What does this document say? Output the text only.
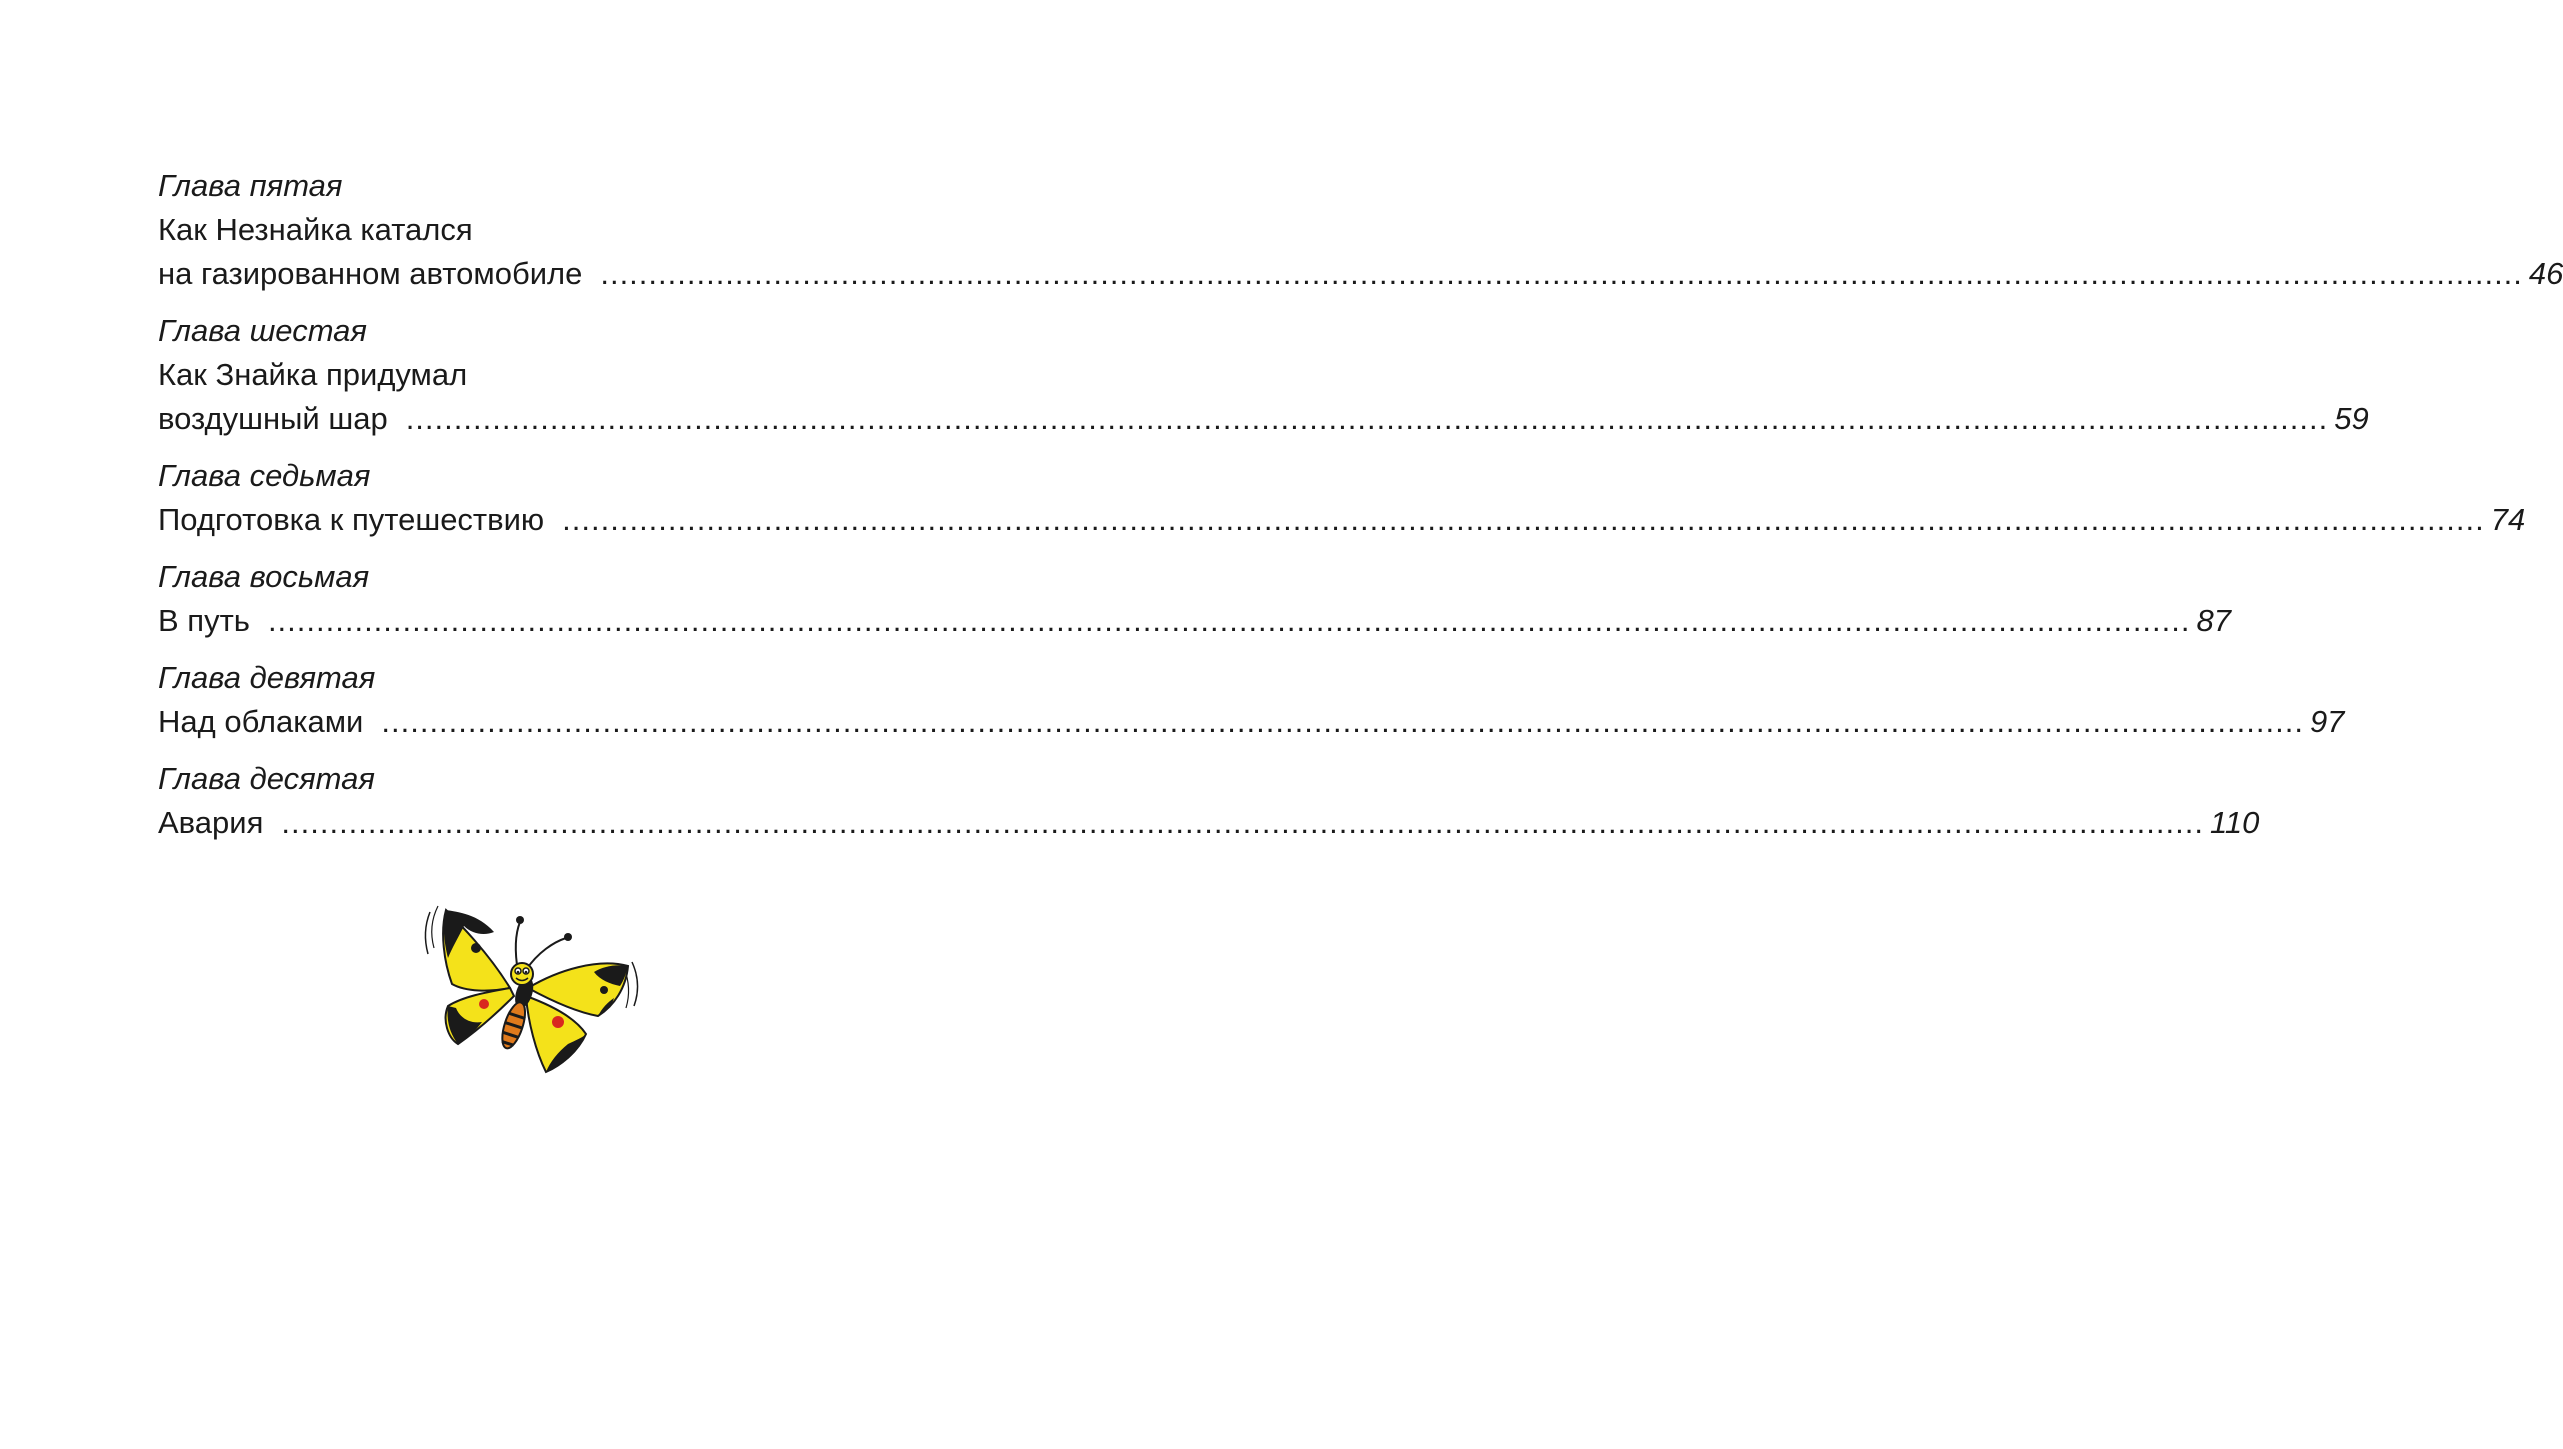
Глава пятая
Как Незнайка катался
на газированном автомобиле ........................................................................................................................................................................................................ 46
Глава шестая
Как Знайка придумал
воздушный шар ........................................................................................................................................................................................................ 59
Глава седьмая
Подготовка к путешествию ........................................................................................................................................................................................................ 74
Глава восьмая
В путь ........................................................................................................................................................................................................ 87
Глава девятая
Над облаками ........................................................................................................................................................................................................ 97
Глава десятая
Авария ........................................................................................................................................................................................................ 110
